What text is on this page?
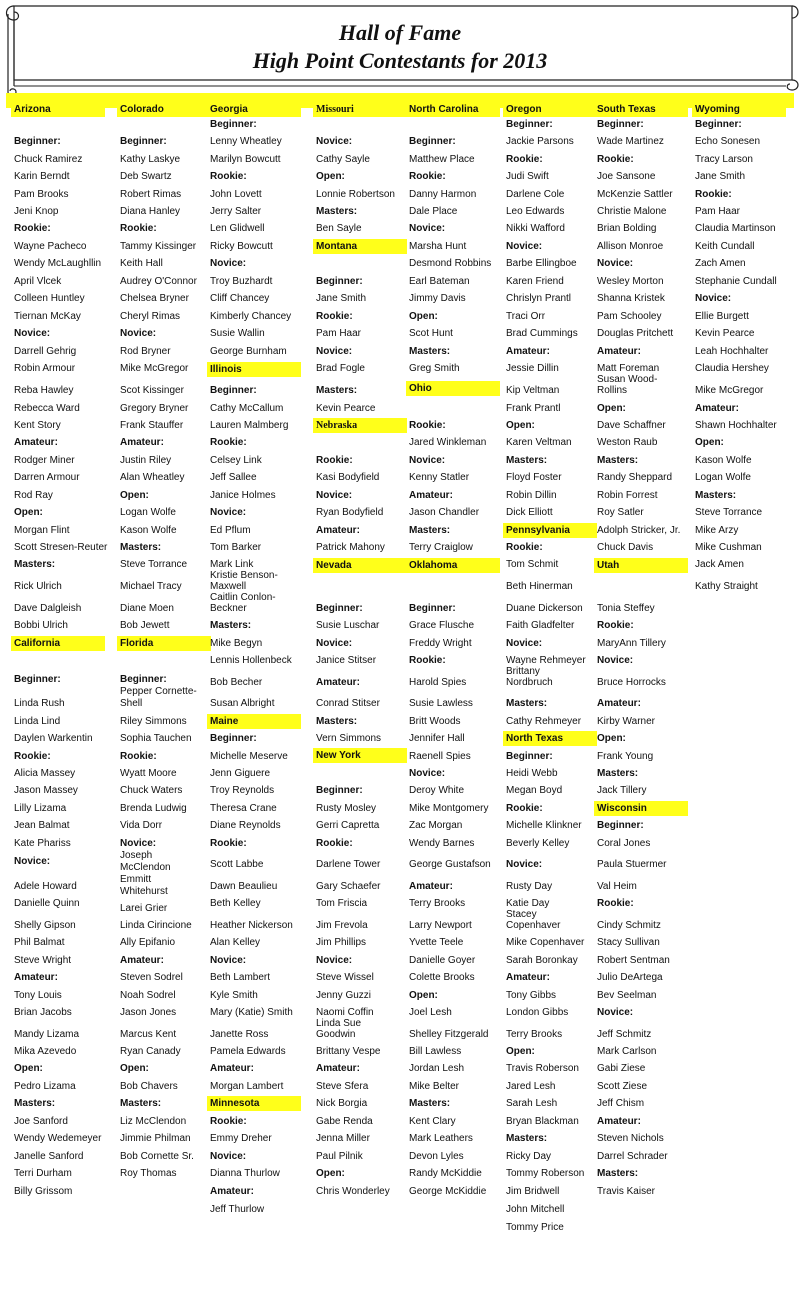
Hall of Fame
High Point Contestants for 2013
Arizona
Beginner:
Chuck Ramirez
Karin Berndt
Pam Brooks
Jeni Knop
Rookie:
Wayne Pacheco
Wendy McLaughllin
April Vlcek
Colleen Huntley
Tiernan McKay
Novice:
Darrell Gehrig
Robin Armour
Reba Hawley
Rebecca Ward
Kent Story
Amateur:
Rodger Miner
Darren Armour
Rod Ray
Open:
Morgan Flint
Scott Stresen-Reuter
Masters:
Rick Ulrich
Dave Dalgleish
Bobbi Ulrich
California
Beginner:
Linda Rush
Linda Lind
Daylen Warkentin
Rookie:
Alicia Massey
Jason Massey
Lilly Lizama
Jean Balmat
Kate Phariss
Novice:
Adele Howard
Danielle Quinn
Shelly Gipson
Phil Balmat
Steve Wright
Amateur:
Tony Louis
Brian Jacobs
Mandy Lizama
Mika Azevedo
Open:
Pedro Lizama
Masters:
Joe Sanford
Wendy Wedemeyer
Janelle Sanford
Terri Durham
Billy Grissom
Colorado
Beginner:
Kathy Laskye
Deb Swartz
Robert Rimas
Diana Hanley
Rookie:
Tammy Kissinger
Keith Hall
Audrey O'Connor
Chelsea Bryner
Cheryl Rimas
Novice:
Rod Bryner
Mike McGregor
Scot Kissinger
Gregory Bryner
Frank Stauffer
Amateur:
Justin Riley
Alan Wheatley
Open:
Logan Wolfe
Kason Wolfe
Masters:
Steve Torrance
Michael Tracy
Diane Moen
Bob Jewett
Florida
Beginner:
Pepper Cornette-
Shell
Riley Simmons
Sophia Tauchen
Rookie:
Wyatt Moore
Chuck Waters
Brenda Ludwig
Vida Dorr
Novice:
Joseph
McClendon
Emmitt
Whitehurst
Larei Grier
Linda Cirincione
Ally Epifanio
Amateur:
Steven Sodrel
Noah Sodrel
Jason Jones
Marcus Kent
Ryan Canady
Open:
Bob Chavers
Masters:
Liz McClendon
Jimmie Philman
Bob Cornette Sr.
Roy Thomas
Georgia
Beginner:
Lenny Wheatley
Marilyn Bowcutt
Rookie:
John Lovett
Jerry Salter
Len Glidwell
Ricky Bowcutt
Novice:
Troy Buzhardt
Cliff Chancey
Kimberly Chancey
Susie Wallin
George Burnham
Illinois
Beginner:
Cathy McCallum
Lauren Malmberg
Rookie:
Celsey Link
Jeff Sallee
Janice Holmes
Novice:
Ed Pflum
Tom Barker
Mark Link
Kristie Benson-
Maxwell
Caitlin Conlon-
Beckner
Masters:
Mike Begyn
Lennis Hollenbeck
Bob Becher
Susan Albright
Maine
Beginner:
Michelle Meserve
Jenn Giguere
Troy Reynolds
Theresa Crane
Diane Reynolds
Rookie:
Scott Labbe
Dawn Beaulieu
Beth Kelley
Heather Nickerson
Alan Kelley
Novice:
Beth Lambert
Kyle Smith
Mary (Katie) Smith
Janette Ross
Pamela Edwards
Amateur:
Morgan Lambert
Minnesota
Rookie:
Emmy Dreher
Novice:
Dianna Thurlow
Amateur:
Jeff Thurlow
Missouri
Novice:
Cathy Sayle
Open:
Lonnie Robertson
Masters:
Ben Sayle
Montana
Beginner:
Jane Smith
Rookie:
Pam Haar
Novice:
Brad Fogle
Masters:
Kevin Pearce
Nebraska
Rookie:
Kasi Bodyfield
Novice:
Ryan Bodyfield
Amateur:
Patrick Mahony
Nevada
Beginner:
Susie Luschar
Novice:
Janice Stitser
Amateur:
Conrad Stitser
Masters:
Vern Simmons
New York
Beginner:
Rusty Mosley
Gerri Capretta
Rookie:
Darlene Tower
Gary Schaefer
Tom Friscia
Jim Frevola
Jim Phillips
Novice:
Steve Wissel
Jenny Guzzi
Naomi Coffin
Linda Sue
Goodwin
Brittany Vespe
Amateur:
Steve Sfera
Nick Borgia
Gabe Renda
Jenna Miller
Paul Pilnik
Open:
Chris Wonderley
North Carolina
Beginner:
Matthew Place
Rookie:
Danny Harmon
Dale Place
Novice:
Marsha Hunt
Desmond Robbins
Earl Bateman
Jimmy Davis
Open:
Scot Hunt
Masters:
Greg Smith
Ohio
Rookie:
Jared Winkleman
Novice:
Kenny Statler
Amateur:
Jason Chandler
Masters:
Terry Craiglow
Oklahoma
Beginner:
Grace Flusche
Freddy Wright
Rookie:
Harold Spies
Susie Lawless
Britt Woods
Jennifer Hall
Raenell Spies
Novice:
Deroy White
Mike Montgomery
Zac Morgan
Wendy Barnes
George Gustafson
Amateur:
Terry Brooks
Larry Newport
Yvette Teele
Danielle Goyer
Colette Brooks
Open:
Joel Lesh
Shelley Fitzgerald
Bill Lawless
Jordan Lesh
Mike Belter
Masters:
Kent Clary
Mark Leathers
Devon Lyles
Randy McKiddie
George McKiddie
Oregon
Beginner:
Jackie Parsons
Rookie:
Judi Swift
Darlene Cole
Leo Edwards
Nikki Wafford
Novice:
Barbe Ellingboe
Karen Friend
Chrislyn Prantl
Traci Orr
Brad Cummings
Amateur:
Jessie Dillin
Kip Veltman
Frank Prantl
Open:
Karen Veltman
Masters:
Floyd Foster
Robin Dillin
Dick Elliott
Pennsylvania
Rookie:
Tom Schmit
Beth Hinerman
Duane Dickerson
Faith Gladfelter
Novice:
Wayne Rehmeyer
Brittany
Nordbruch
Masters:
Cathy Rehmeyer
North Texas
Beginner:
Heidi Webb
Megan Boyd
Rookie:
Michelle Klinkner
Beverly Kelley
Novice:
Rusty Day
Katie Day
Stacey
Copenhaver
Mike Copenhaver
Sarah Boronkay
Amateur:
Tony Gibbs
London Gibbs
Terry Brooks
Open:
Travis Roberson
Jared Lesh
Sarah Lesh
Bryan Blackman
Masters:
Ricky Day
Tommy Roberson
Jim Bridwell
John Mitchell
Tommy Price
South Texas
Beginner:
Wade Martinez
Rookie:
Joe Sansone
McKenzie Sattler
Christie Malone
Brian Bolding
Allison Monroe
Novice:
Wesley Morton
Shanna Kristek
Pam Schooley
Douglas Pritchett
Amateur:
Matt Foreman
Susan Wood-
Rollins
Open:
Dave Schaffner
Weston Raub
Masters:
Randy Sheppard
Robin Forrest
Roy Satler
Adolph Stricker, Jr.
Chuck Davis
Utah
Tonia Steffey
Rookie:
MaryAnn Tillery
Novice:
Bruce Horrocks
Amateur:
Kirby Warner
Open:
Frank Young
Masters:
Jack Tillery
Wisconsin
Beginner:
Coral Jones
Paula Stuermer
Val Heim
Rookie:
Cindy Schmitz
Stacy Sullivan
Robert Sentman
Julio DeArtega
Bev Seelman
Novice:
Jeff Schmitz
Mark Carlson
Gabi Ziese
Scott Ziese
Jeff Chism
Amateur:
Steven Nichols
Darrel Schrader
Masters:
Travis Kaiser
Wyoming
Beginner:
Echo Sonesen
Tracy Larson
Jane Smith
Rookie:
Pam Haar
Claudia Martinson
Keith Cundall
Zach Amen
Stephanie Cundall
Novice:
Ellie Burgett
Kevin Pearce
Leah Hochhalter
Claudia Hershey
Mike McGregor
Amateur:
Shawn Hochhalter
Open:
Kason Wolfe
Logan Wolfe
Masters:
Steve Torrance
Mike Arzy
Mike Cushman
Jack Amen
Kathy Straight
